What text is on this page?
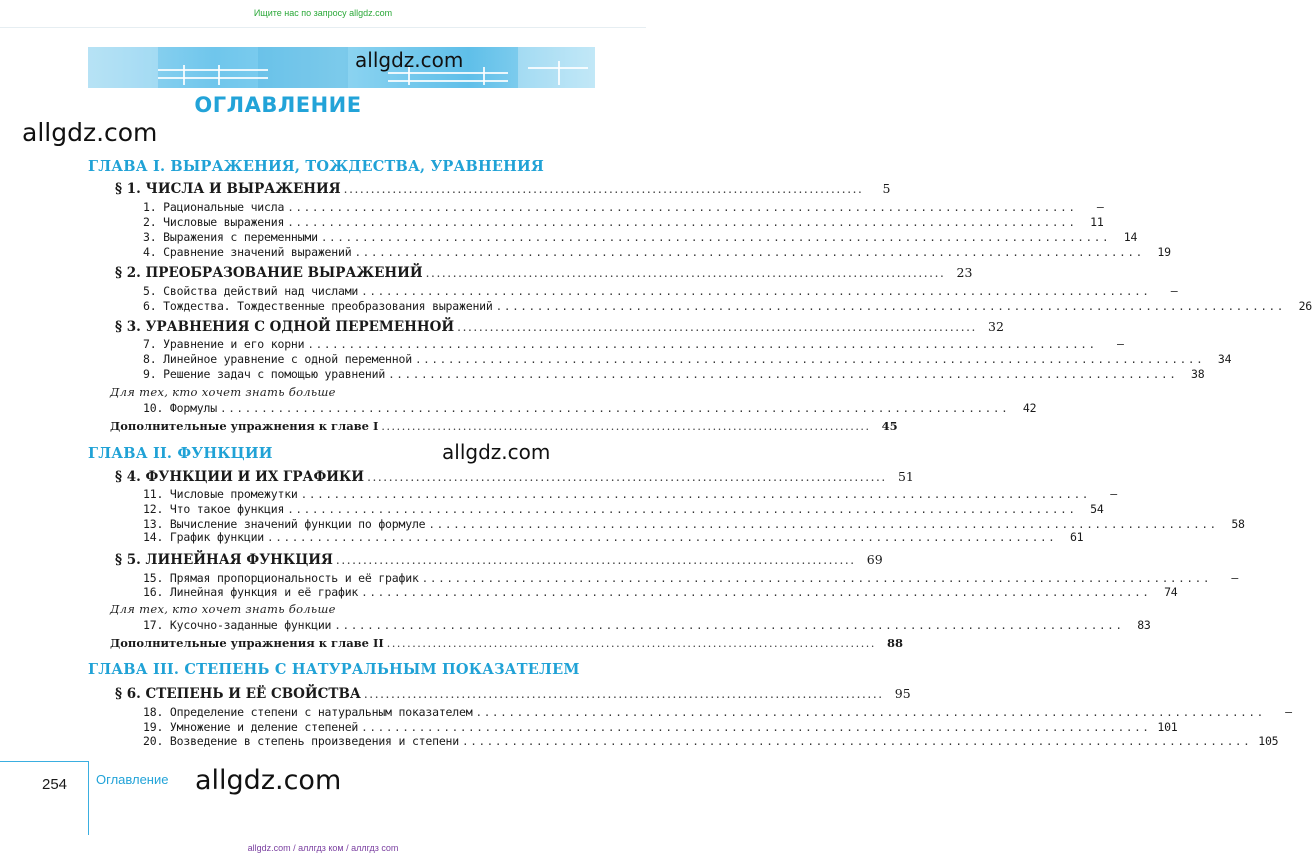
Ищите нас по запросу allgdz.com
allgdz.com
ОГЛАВЛЕНИЕ
allgdz.com
ГЛАВА I. ВЫРАЖЕНИЯ, ТОЖДЕСТВА, УРАВНЕНИЯ
§ 1. ЧИСЛА И ВЫРАЖЕНИЯ ................................................................................................	5
1. Рациональные числа ................................................................................................	—
2. Числовые выражения ................................................................................................	11
3. Выражения с переменными ................................................................................................	14
4. Сравнение значений выражений ................................................................................................	19
§ 2. ПРЕОБРАЗОВАНИЕ ВЫРАЖЕНИЙ ................................................................................................ 23
5. Свойства действий над числами ................................................................................................	—
6. Тождества. Тождественные преобразования выражений ................................................................................................	26
§ 3. УРАВНЕНИЯ С ОДНОЙ ПЕРЕМЕННОЙ ................................................................................................ 32
7. Уравнение и его корни ................................................................................................	—
8. Линейное уравнение с одной переменной ................................................................................................	34
9. Решение задач с помощью уравнений ................................................................................................	38
Для тех, кто хочет знать больше
10. Формулы ................................................................................................	42
Дополнительные упражнения к главе I ................................................................................................ 45
ГЛАВА II. ФУНКЦИИ	allgdz.com
§ 4. ФУНКЦИИ И ИХ ГРАФИКИ ................................................................................................ 51
11. Числовые промежутки ................................................................................................	—
12. Что такое функция ................................................................................................	54
13. Вычисление значений функции по формуле ................................................................................................	58
14. График функции ................................................................................................	61
§ 5. ЛИНЕЙНАЯ ФУНКЦИЯ ................................................................................................ 69
15. Прямая пропорциональность и её график ................................................................................................	—
16. Линейная функция и её график ................................................................................................	74
Для тех, кто хочет знать больше
17. Кусочно-заданные функции ................................................................................................	83
Дополнительные упражнения к главе II ................................................................................................ 88
ГЛАВА III. СТЕПЕНЬ С НАТУРАЛЬНЫМ ПОКАЗАТЕЛЕМ
§ 6. СТЕПЕНЬ И ЕЁ СВОЙСТВА ................................................................................................ 95
18. Определение степени с натуральным показателем ................................................................................................	—
19. Умножение и деление степеней ................................................................................................ 101
20. Возведение в степень произведения и степени ................................................................................................ 105
254 Оглавление allgdz.com
allgdz.com / аллгдз ком / аллгдз com
